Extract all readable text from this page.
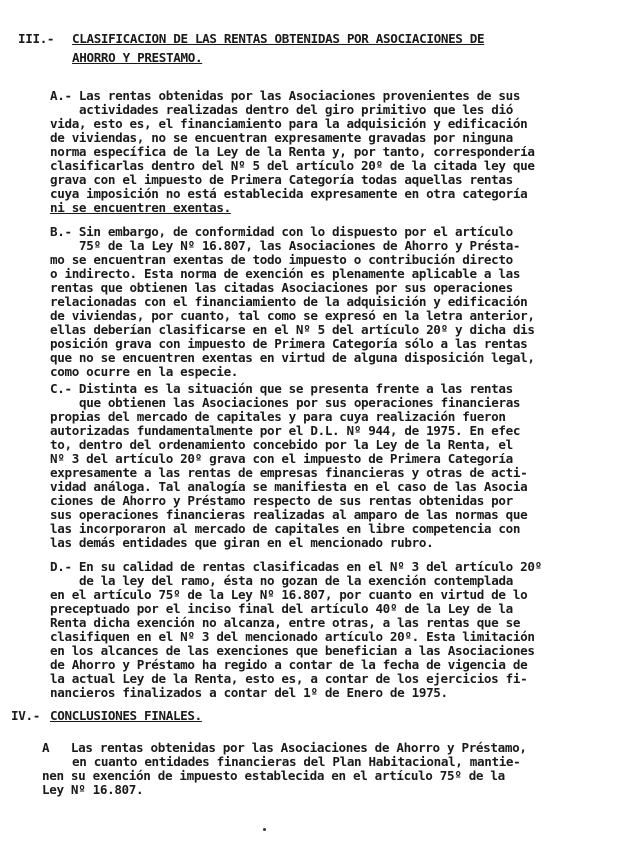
III.- CLASIFICACION DE LAS RENTAS OBTENIDAS POR ASOCIACIONES DE
AHORRO Y PRESTAMO.
A.- Las rentas obtenidas por las Asociaciones provenientes de sus
actividades realizadas dentro del giro primitivo que les dió
vida, esto es, el financiamiento para la adquisición y edificación
de viviendas, no se encuentran expresamente gravadas por ninguna
norma específica de la Ley de la Renta y, por tanto, correspondería
clasificarlas dentro del Nº 5 del artículo 20º de la citada ley que
grava con el impuesto de Primera Categoría todas aquellas rentas
cuya imposición no está establecida expresamente en otra categoría
ni se encuentren exentas.
B.- Sin embargo, de conformidad con lo dispuesto por el artículo
75º de la Ley Nº 16.807, las Asociaciones de Ahorro y Présta-
mo se encuentran exentas de todo impuesto o contribución directo
o indirecto. Esta norma de exención es plenamente aplicable a las
rentas que obtienen las citadas Asociaciones por sus operaciones
relacionadas con el financiamiento de la adquisición y edificación
de viviendas, por cuanto, tal como se expresó en la letra anterior,
ellas deberían clasificarse en el Nº 5 del artículo 20º y dicha dis
posición grava con impuesto de Primera Categoría sólo a las rentas
que no se encuentren exentas en virtud de alguna disposición legal,
como ocurre en la especie.
C.- Distinta es la situación que se presenta frente a las rentas
que obtienen las Asociaciones por sus operaciones financieras
propias del mercado de capitales y para cuya realización fueron
autorizadas fundamentalmente por el D.L. Nº 944, de 1975. En efec
to, dentro del ordenamiento concebido por la Ley de la Renta, el
Nº 3 del artículo 20º grava con el impuesto de Primera Categoría
expresamente a las rentas de empresas financieras y otras de acti-
vidad análoga. Tal analogía se manifiesta en el caso de las Asocia
ciones de Ahorro y Préstamo respecto de sus rentas obtenidas por
sus operaciones financieras realizadas al amparo de las normas que
las incorporaron al mercado de capitales en libre competencia con
las demás entidades que giran en el mencionado rubro.
D.- En su calidad de rentas clasificadas en el Nº 3 del artículo 20º
de la ley del ramo, ésta no gozan de la exención contemplada
en el artículo 75º de la Ley Nº 16.807, por cuanto en virtud de lo
preceptuado por el inciso final del artículo 40º de la Ley de la
Renta dicha exención no alcanza, entre otras, a las rentas que se
clasifiquen en el Nº 3 del mencionado artículo 20º. Esta limitación
en los alcances de las exenciones que benefician a las Asociaciones
de Ahorro y Préstamo ha regido a contar de la fecha de vigencia de
la actual Ley de la Renta, esto es, a contar de los ejercicios fi-
nancieros finalizados a contar del 1º de Enero de 1975.
IV.- CONCLUSIONES FINALES.
A   Las rentas obtenidas por las Asociaciones de Ahorro y Préstamo,
en cuanto entidades financieras del Plan Habitacional, mantie-
nen su exención de impuesto establecida en el artículo 75º de la
Ley Nº 16.807.
